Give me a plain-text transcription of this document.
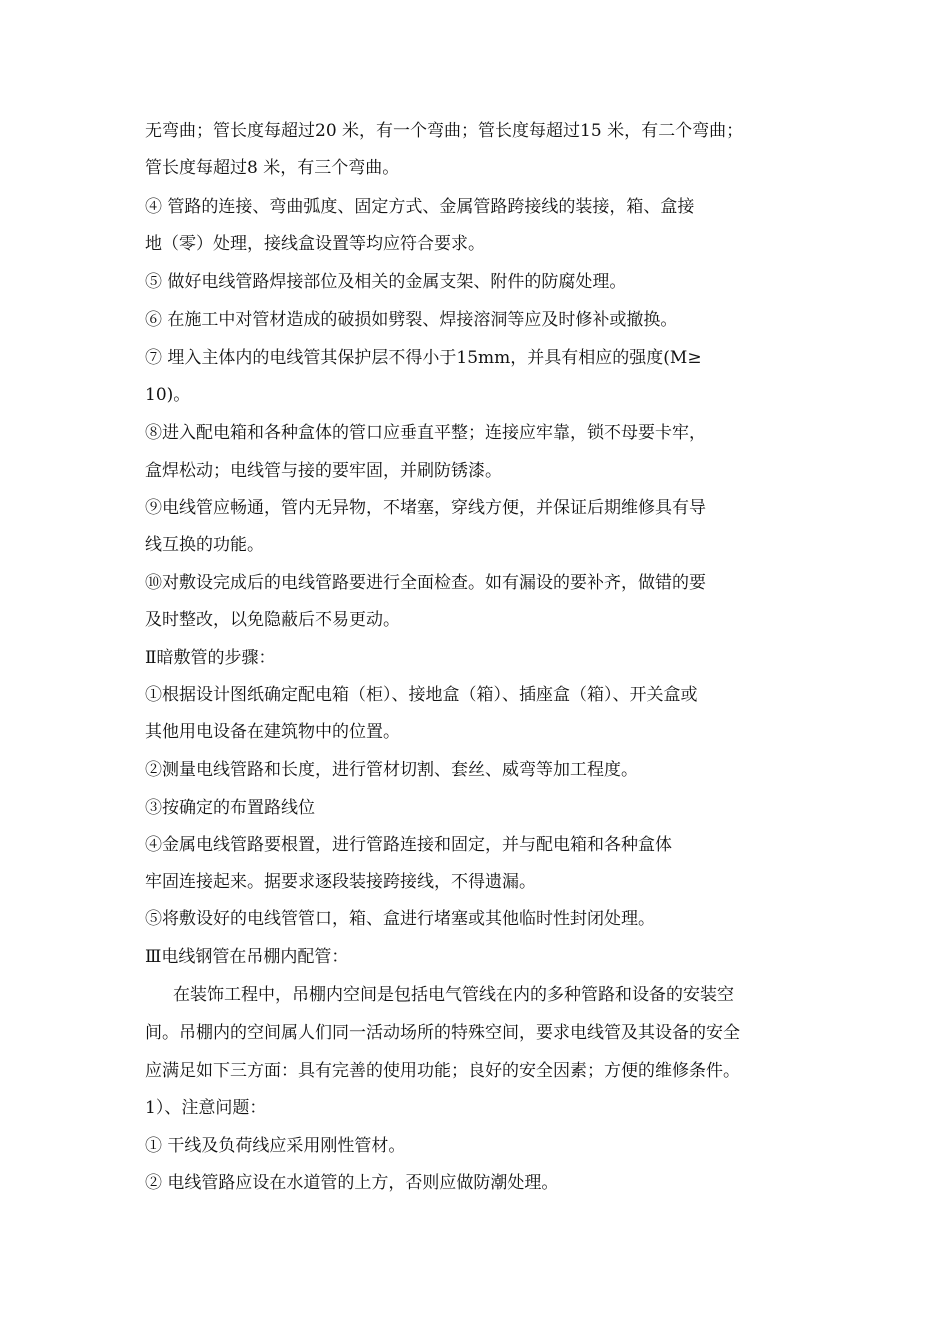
无弯曲；管长度每超过20 米，有一个弯曲；管长度每超过15 米，有二个弯曲；
管长度每超过8 米，有三个弯曲。
④ 管路的连接、弯曲弧度、固定方式、金属管路跨接线的装接，箱、盒接
地（零）处理，接线盒设置等均应符合要求。
⑤ 做好电线管路焊接部位及相关的金属支架、附件的防腐处理。
⑥ 在施工中对管材造成的破损如劈裂、焊接溶洞等应及时修补或撤换。
⑦ 埋入主体内的电线管其保护层不得小于15mm，并具有相应的强度(M≥
10)。
⑧进入配电箱和各种盒体的管口应垂直平整；连接应牢靠，锁不母要卡牢，
盒焊松动；电线管与接的要牢固，并刷防锈漆。
⑨电线管应畅通，管内无异物，不堵塞，穿线方便，并保证后期维修具有导
线互换的功能。
⑩对敷设完成后的电线管路要进行全面检查。如有漏设的要补齐，做错的要
及时整改，以免隐蔽后不易更动。
Ⅱ暗敷管的步骤：
①根据设计图纸确定配电箱（柜）、接地盒（箱）、插座盒（箱）、开关盒或
其他用电设备在建筑物中的位置。
②测量电线管路和长度，进行管材切割、套丝、威弯等加工程度。
③按确定的布置路线位
④金属电线管路要根置，进行管路连接和固定，并与配电箱和各种盒体
牢固连接起来。据要求逐段装接跨接线，不得遗漏。
⑤将敷设好的电线管管口，箱、盒进行堵塞或其他临时性封闭处理。
Ⅲ电线钢管在吊棚内配管：
在装饰工程中，吊棚内空间是包括电气管线在内的多种管路和设备的安装空
间。吊棚内的空间属人们同一活动场所的特殊空间，要求电线管及其设备的安全
应满足如下三方面：具有完善的使用功能；良好的安全因素；方便的维修条件。
1）、注意问题：
① 干线及负荷线应采用刚性管材。
② 电线管路应设在水道管的上方，否则应做防潮处理。
